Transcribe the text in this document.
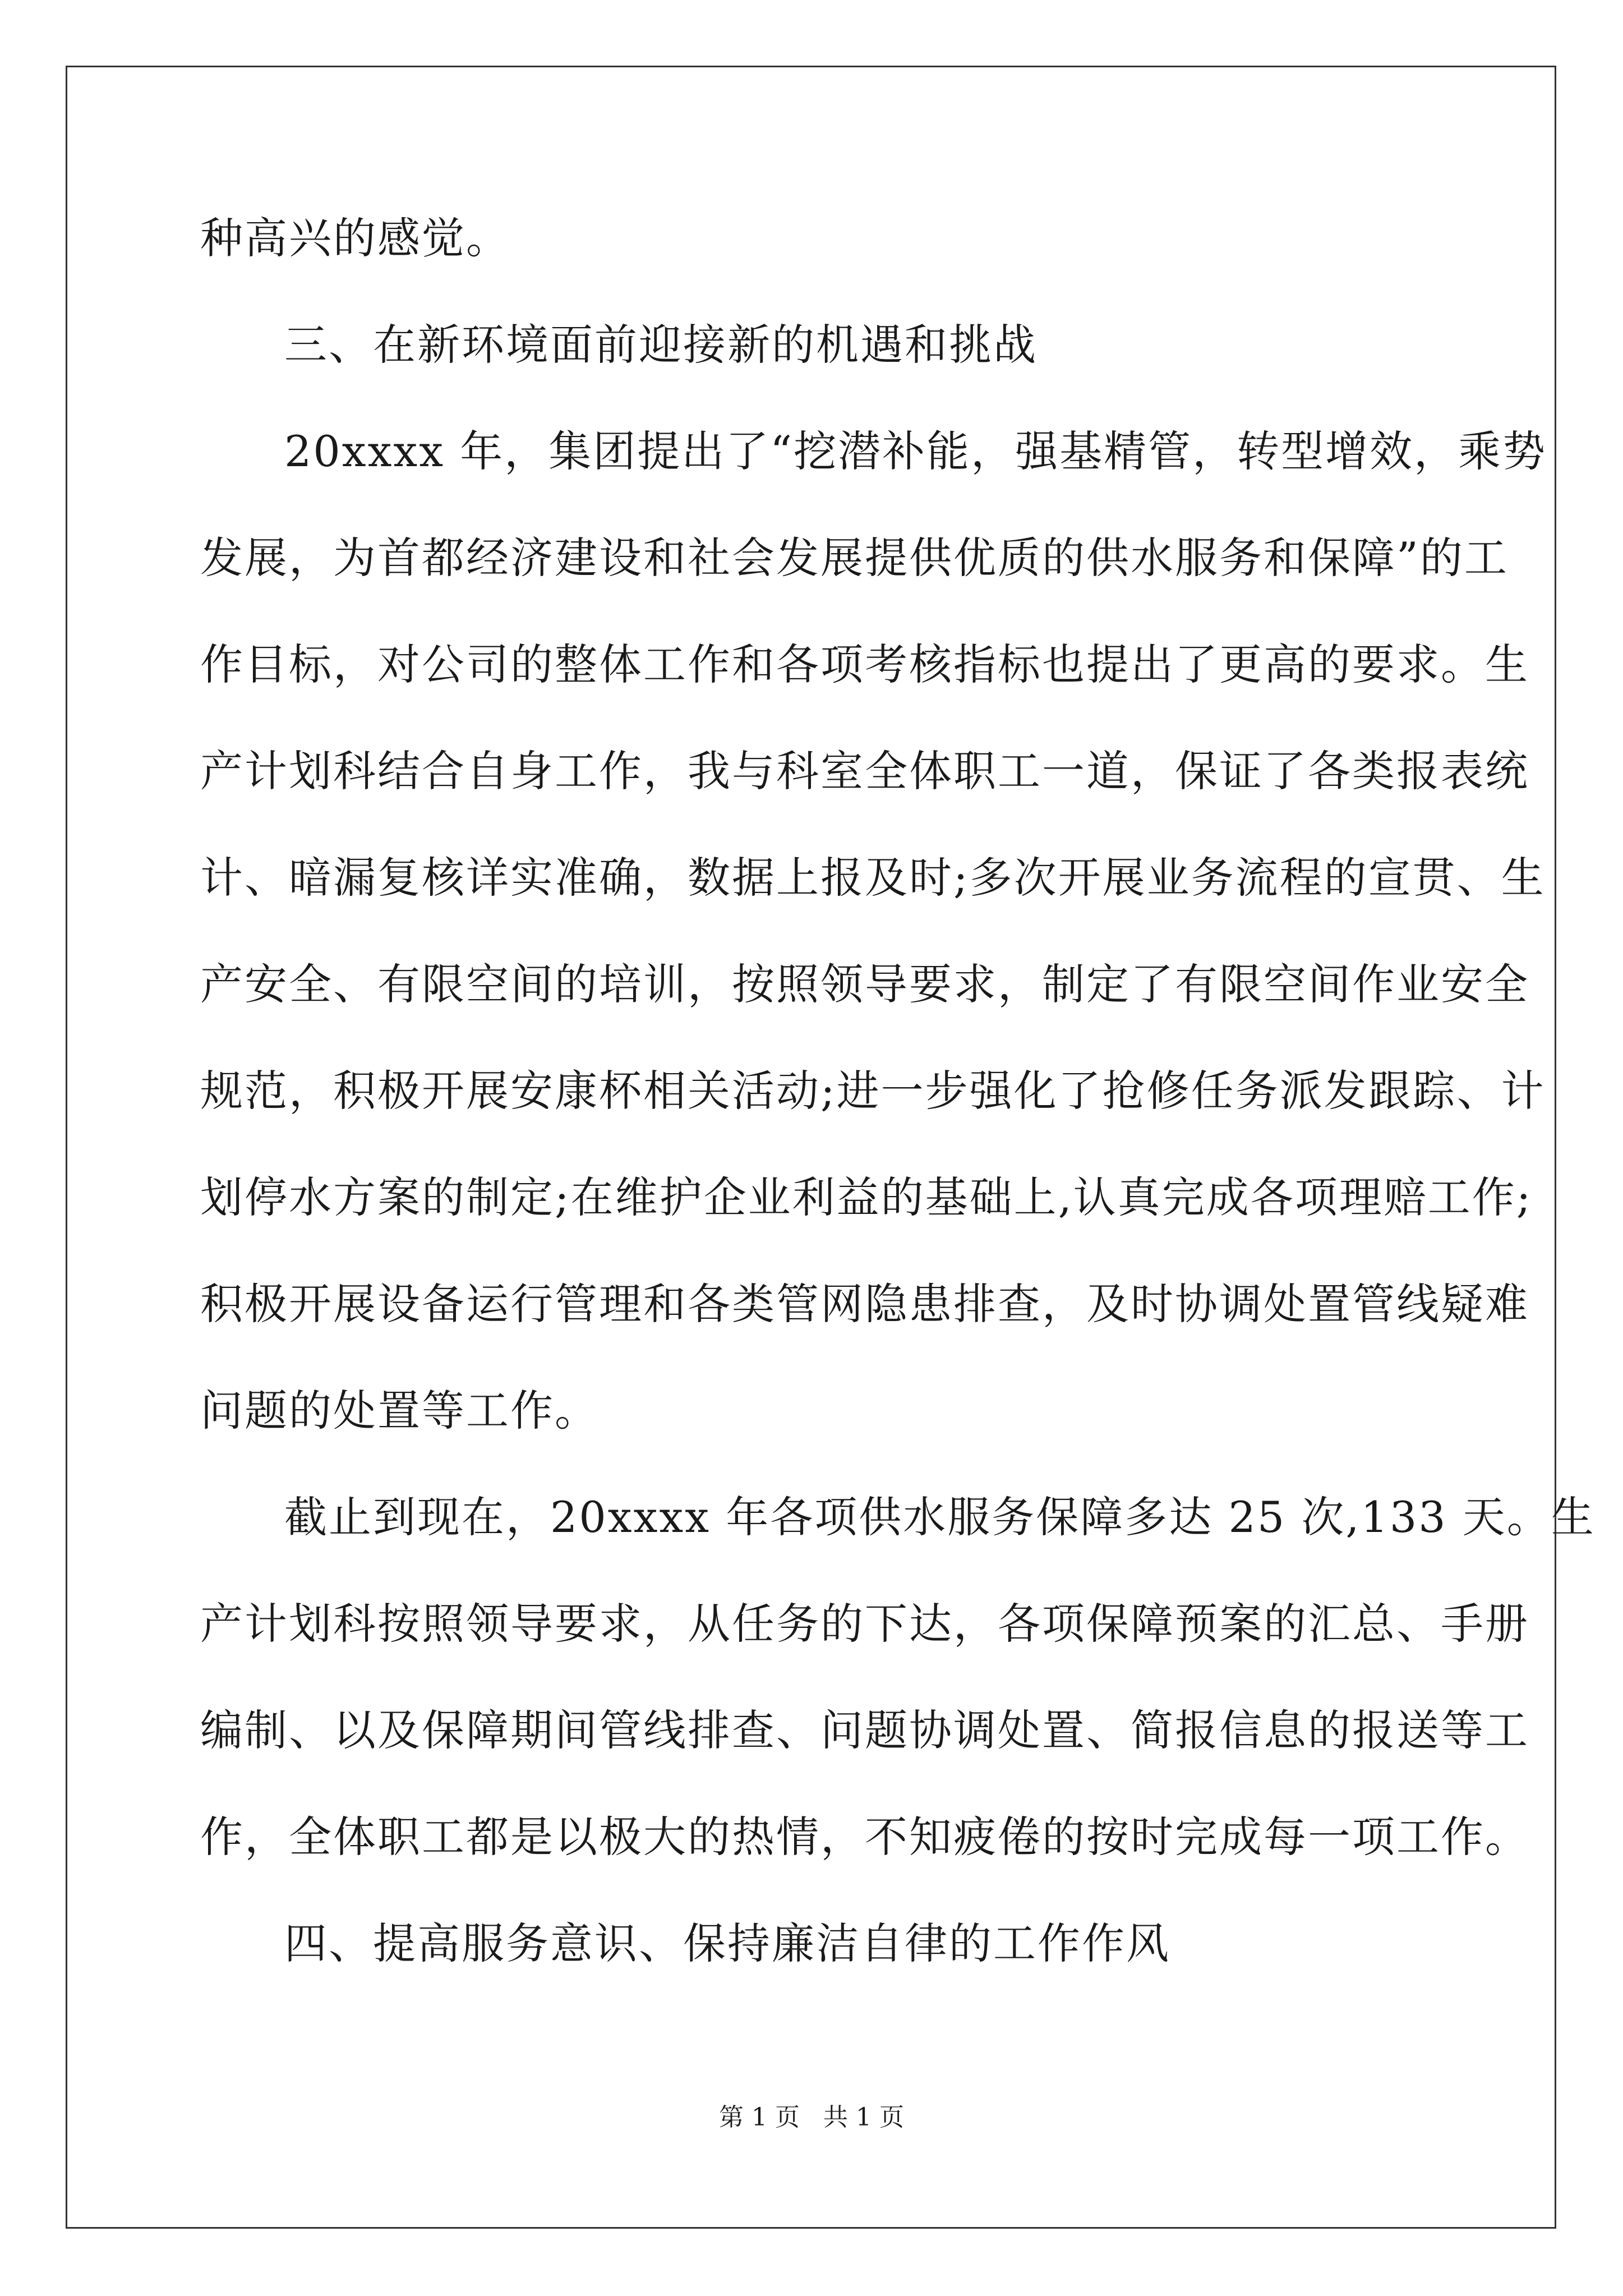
种高兴的感觉。
三、在新环境面前迎接新的机遇和挑战
20xxxx 年，集团提出了“挖潜补能，强基精管，转型增效，乘势
发展，为首都经济建设和社会发展提供优质的供水服务和保障”的工
作目标，对公司的整体工作和各项考核指标也提出了更高的要求。生
产计划科结合自身工作，我与科室全体职工一道，保证了各类报表统
计、暗漏复核详实准确，数据上报及时;多次开展业务流程的宣贯、生
产安全、有限空间的培训，按照领导要求，制定了有限空间作业安全
规范，积极开展安康杯相关活动;进一步强化了抢修任务派发跟踪、计
划停水方案的制定;在维护企业利益的基础上,认真完成各项理赔工作;
积极开展设备运行管理和各类管网隐患排查，及时协调处置管线疑难
问题的处置等工作。
截止到现在，20xxxx 年各项供水服务保障多达 25 次,133 天。生
产计划科按照领导要求，从任务的下达，各项保障预案的汇总、手册
编制、以及保障期间管线排查、问题协调处置、简报信息的报送等工
作，全体职工都是以极大的热情，不知疲倦的按时完成每一项工作。
四、提高服务意识、保持廉洁自律的工作作风
第 1 页   共 1 页
